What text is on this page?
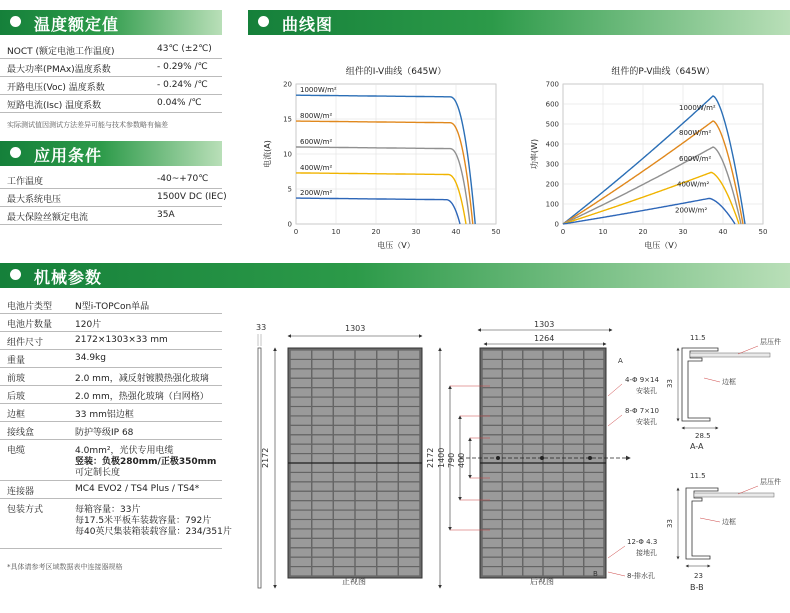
温度额定值
NOCT (额定电池工作温度)	43℃ (±2℃)
最大功率(PMAx)温度系数	- 0.29% /℃
开路电压(Voc) 温度系数	- 0.24% /℃
短路电流(Isc) 温度系数	0.04% /℃
实际测试值因测试方法差异可能与技术参数略有偏差
应用条件
工作温度	-40~+70℃
最大系统电压	1500V DC (IEC)
最大保险丝额定电流	35A
曲线图
组件的I-V曲线（645W）
0	10	20	30	40	50
0
5
10
15
20
电压（V）
电流(A)
1000W/m²
800W/m²
600W/m²
400W/m²
200W/m²
组件的P-V曲线（645W）
0	10	20	30	40	50
0
100
200
300
400
500
600
700
电压（V）
功率(W)
1000W/m²
800W/m²
600W/m²
400W/m²
200W/m²
机械参数
电池片类型	N型i-TOPCon单晶
电池片数量	120片
组件尺寸	2172×1303×33 mm
重量	34.9kg
前玻	2.0 mm，减反射镀膜热强化玻璃
后玻	2.0 mm，热强化玻璃（白网格）
边框	33 mm铝边框
接线盒	防护等级IP 68
电缆	4.0mm²，光伏专用电缆
竖装：负极280mm/正极350mm
可定制长度
连接器	MC4 EVO2 / TS4 Plus / TS4*
包装方式	每箱容量：33片
每17.5米平板车装载容量：792片
每40英尺集装箱装载容量：234/351片
*具体请参考区域数据表中连接器规格
33	1303
2172
正视图
1303
1264
2172 1400 790 400
A
B
4-Φ 9×14
安装孔
8-Φ 7×10
安装孔
12-Φ 4.3
接地孔
8-排水孔
后视图
11.5
33
28.5
层压件
边框
A-A
11.5
33
23
层压件
边框
B-B
